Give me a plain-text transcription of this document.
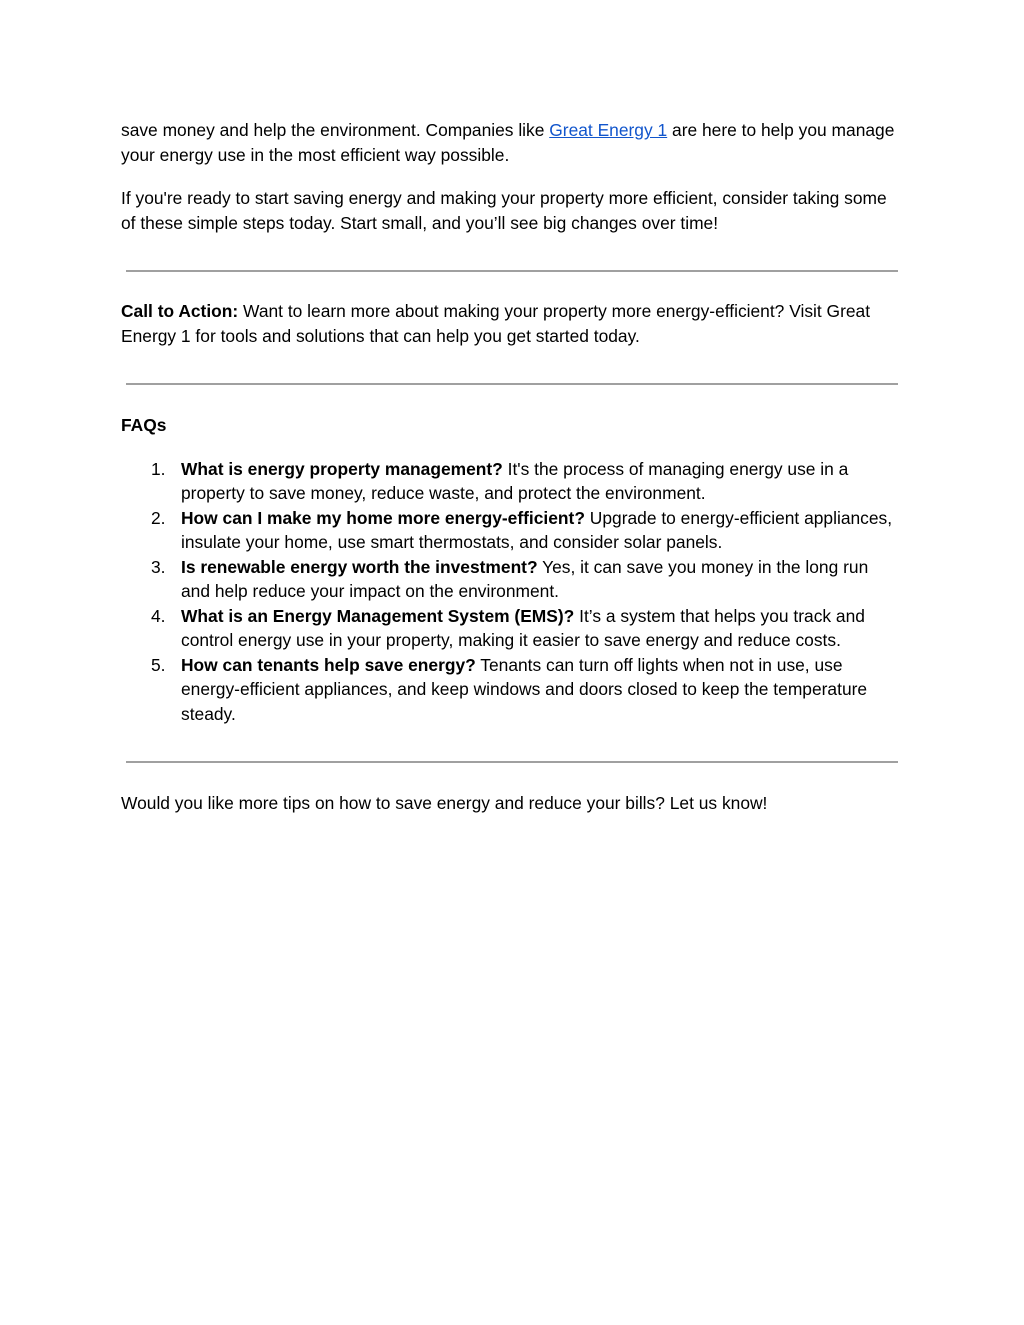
save money and help the environment. Companies like Great Energy 1 are here to help you manage your energy use in the most efficient way possible.

If you're ready to start saving energy and making your property more efficient, consider taking some of these simple steps today. Start small, and you’ll see big changes over time!

Call to Action: Want to learn more about making your property more energy-efficient? Visit Great Energy 1 for tools and solutions that can help you get started today.

FAQs

1. What is energy property management? It's the process of managing energy use in a property to save money, reduce waste, and protect the environment.
2. How can I make my home more energy-efficient? Upgrade to energy-efficient appliances, insulate your home, use smart thermostats, and consider solar panels.
3. Is renewable energy worth the investment? Yes, it can save you money in the long run and help reduce your impact on the environment.
4. What is an Energy Management System (EMS)? It’s a system that helps you track and control energy use in your property, making it easier to save energy and reduce costs.
5. How can tenants help save energy? Tenants can turn off lights when not in use, use energy-efficient appliances, and keep windows and doors closed to keep the temperature steady.

Would you like more tips on how to save energy and reduce your bills? Let us know!
